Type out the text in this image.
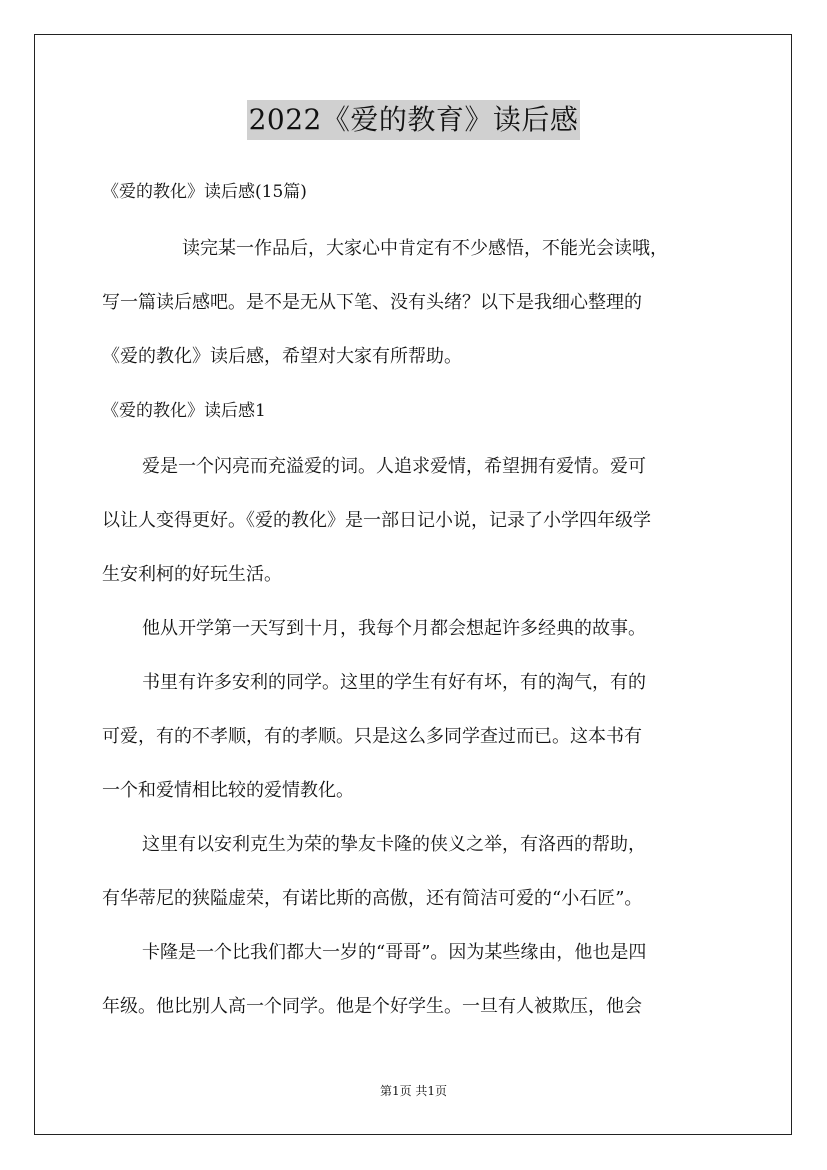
2022《爱的教育》读后感
《爱的教化》读后感(15篇)
读完某一作品后，大家心中肯定有不少感悟，不能光会读哦，
写一篇读后感吧。是不是无从下笔、没有头绪？以下是我细心整理的
《爱的教化》读后感，希望对大家有所帮助。
《爱的教化》读后感1
爱是一个闪亮而充溢爱的词。人追求爱情，希望拥有爱情。爱可
以让人变得更好。《爱的教化》是一部日记小说，记录了小学四年级学
生安利柯的好玩生活。
他从开学第一天写到十月，我每个月都会想起许多经典的故事。
书里有许多安利的同学。这里的学生有好有坏，有的淘气，有的
可爱，有的不孝顺，有的孝顺。只是这么多同学查过而已。这本书有
一个和爱情相比较的爱情教化。
这里有以安利克生为荣的挚友卡隆的侠义之举，有洛西的帮助，
有华蒂尼的狭隘虚荣，有诺比斯的高傲，还有简洁可爱的“小石匠”。
卡隆是一个比我们都大一岁的“哥哥”。因为某些缘由，他也是四
年级。他比别人高一个同学。他是个好学生。一旦有人被欺压，他会
第1页 共1页
